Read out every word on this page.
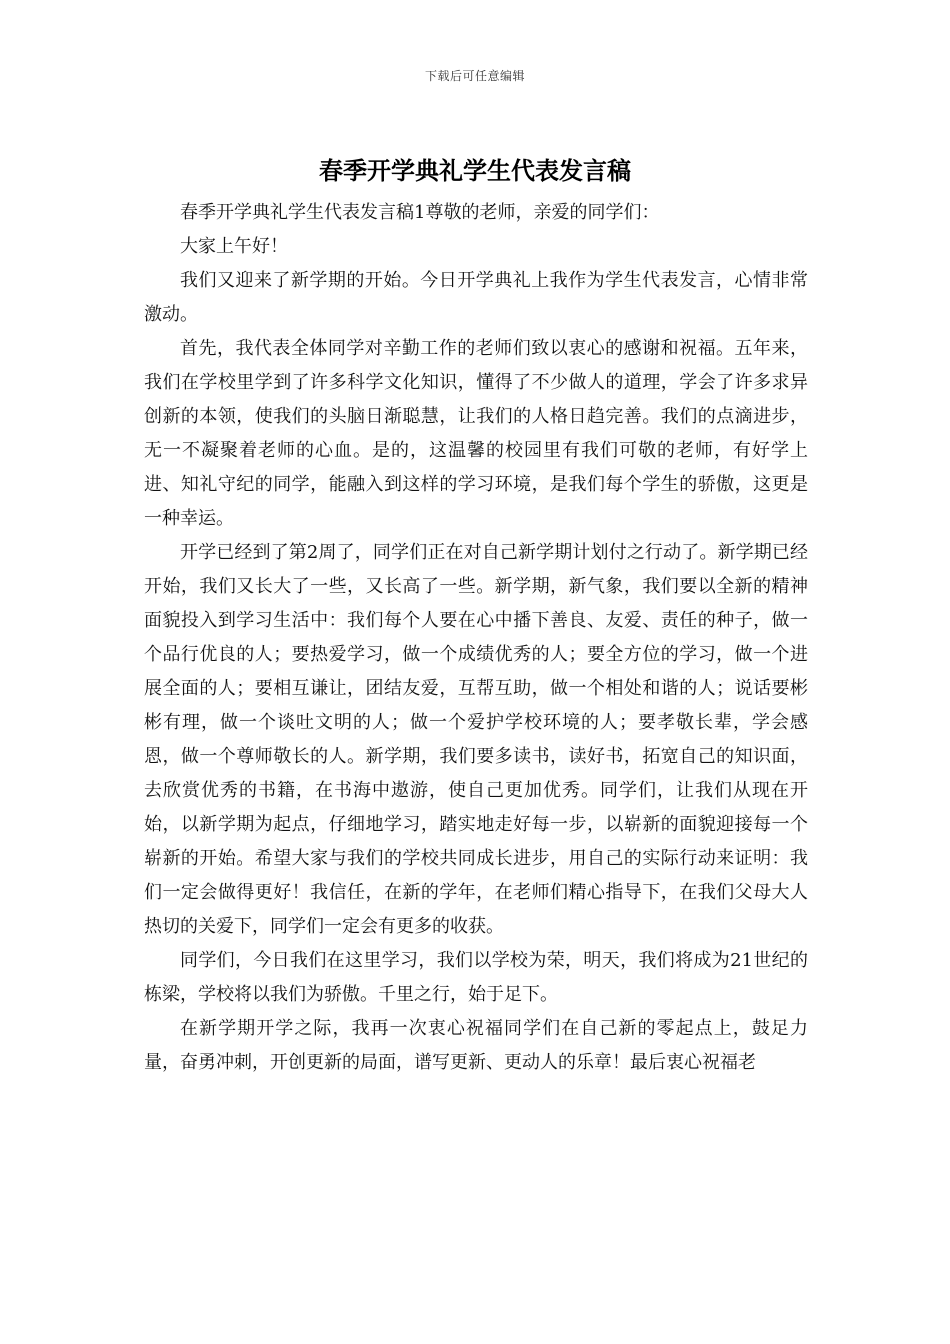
下载后可任意编辑
春季开学典礼学生代表发言稿

春季开学典礼学生代表发言稿1尊敬的老师，亲爱的同学们：

大家上午好！

我们又迎来了新学期的开始。今日开学典礼上我作为学生代表发言，心情非常激动。

首先，我代表全体同学对辛勤工作的老师们致以衷心的感谢和祝福。五年来，我们在学校里学到了许多科学文化知识，懂得了不少做人的道理，学会了许多求异创新的本领，使我们的头脑日渐聪慧，让我们的人格日趋完善。我们的点滴进步，无一不凝聚着老师的心血。是的，这温馨的校园里有我们可敬的老师，有好学上进、知礼守纪的同学，能融入到这样的学习环境，是我们每个学生的骄傲，这更是一种幸运。

开学已经到了第2周了，同学们正在对自己新学期计划付之行动了。新学期已经开始，我们又长大了一些，又长高了一些。新学期，新气象，我们要以全新的精神面貌投入到学习生活中：我们每个人要在心中播下善良、友爱、责任的种子，做一个品行优良的人；要热爱学习，做一个成绩优秀的人；要全方位的学习，做一个进展全面的人；要相互谦让，团结友爱，互帮互助，做一个相处和谐的人；说话要彬彬有理，做一个谈吐文明的人；做一个爱护学校环境的人；要孝敬长辈，学会感恩，做一个尊师敬长的人。新学期，我们要多读书，读好书，拓宽自己的知识面，去欣赏优秀的书籍，在书海中遨游，使自己更加优秀。同学们，让我们从现在开始，以新学期为起点，仔细地学习，踏实地走好每一步，以崭新的面貌迎接每一个崭新的开始。希望大家与我们的学校共同成长进步，用自己的实际行动来证明：我们一定会做得更好！我信任，在新的学年，在老师们精心指导下，在我们父母大人热切的关爱下，同学们一定会有更多的收获。

同学们，今日我们在这里学习，我们以学校为荣，明天，我们将成为21世纪的栋梁，学校将以我们为骄傲。千里之行，始于足下。

在新学期开学之际，我再一次衷心祝福同学们在自己新的零起点上，鼓足力量，奋勇冲刺，开创更新的局面，谱写更新、更动人的乐章！最后衷心祝福老
